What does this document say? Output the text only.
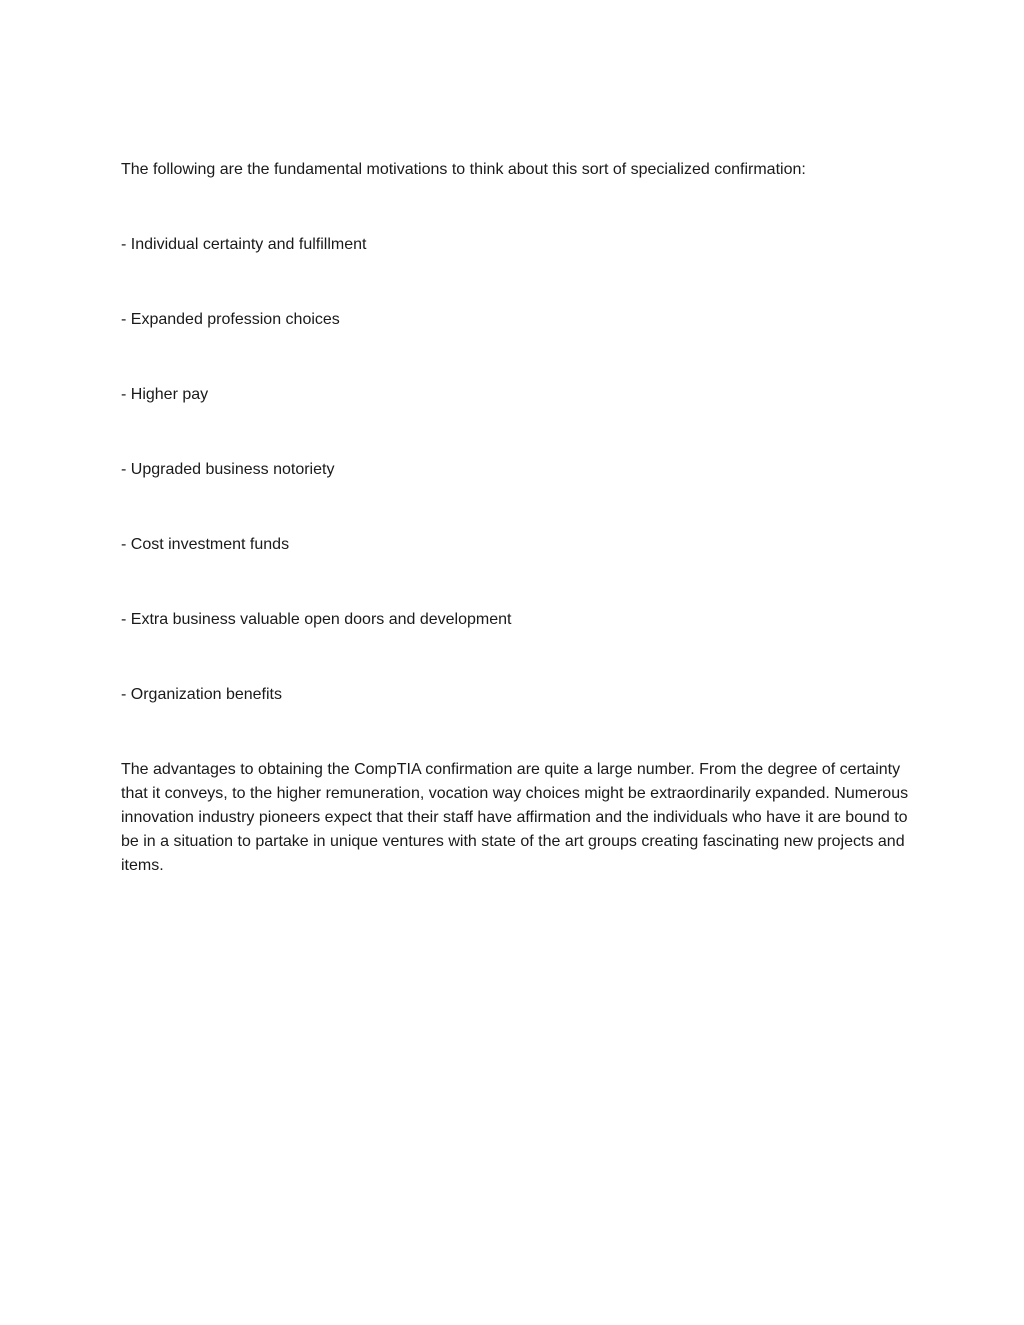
The following are the fundamental motivations to think about this sort of specialized confirmation:

- Individual certainty and fulfillment
- Expanded profession choices
- Higher pay
- Upgraded business notoriety
- Cost investment funds
- Extra business valuable open doors and development
- Organization benefits

The advantages to obtaining the CompTIA confirmation are quite a large number. From the degree of certainty that it conveys, to the higher remuneration, vocation way choices might be extraordinarily expanded. Numerous innovation industry pioneers expect that their staff have affirmation and the individuals who have it are bound to be in a situation to partake in unique ventures with state of the art groups creating fascinating new projects and items.
